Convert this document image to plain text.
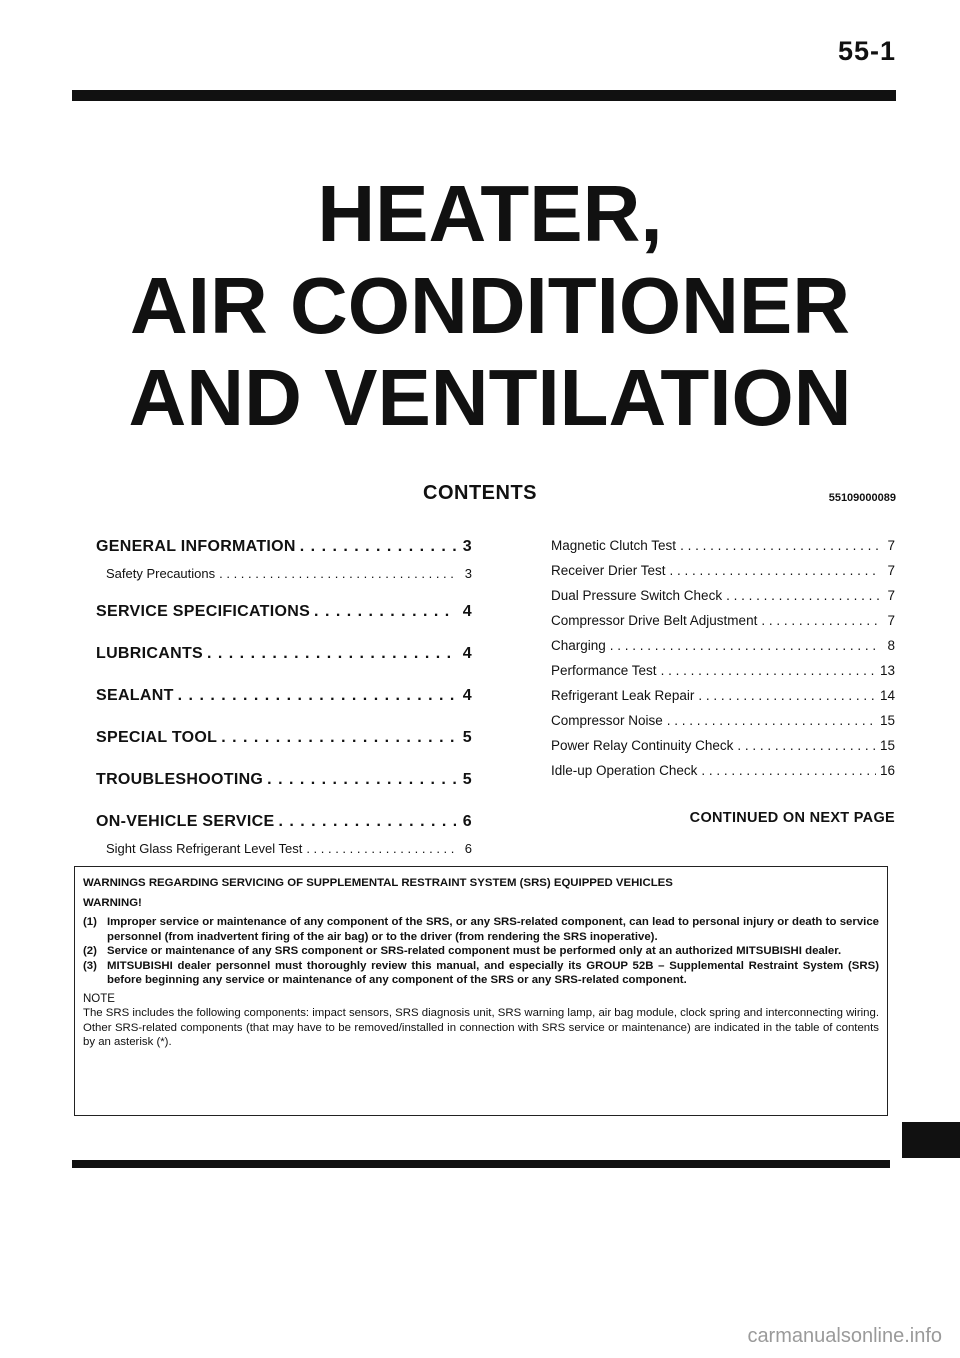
55-1
HEATER,
AIR CONDITIONER
AND VENTILATION
CONTENTS	55109000089
GENERAL INFORMATION . . .	3
Safety Precautions . . .	3
SERVICE SPECIFICATIONS . . .	4
LUBRICANTS . . .	4
SEALANT . . .	4
SPECIAL TOOL . . .	5
TROUBLESHOOTING . . .	5
ON-VEHICLE SERVICE . . .	6
Sight Glass Refrigerant Level Test . . .	6
Magnetic Clutch Test . . .	7
Receiver Drier Test . . .	7
Dual Pressure Switch Check . . .	7
Compressor Drive Belt Adjustment . . .	7
Charging . . .	8
Performance Test . . .	13
Refrigerant Leak Repair . . .	14
Compressor Noise . . .	15
Power Relay Continuity Check . . .	15
Idle-up Operation Check . . .	16
CONTINUED ON NEXT PAGE
WARNINGS REGARDING SERVICING OF SUPPLEMENTAL RESTRAINT SYSTEM (SRS) EQUIPPED VEHICLES
WARNING!
(1) Improper service or maintenance of any component of the SRS, or any SRS-related component, can lead to personal injury or death to service personnel (from inadvertent firing of the air bag) or to the driver (from rendering the SRS inoperative).
(2) Service or maintenance of any SRS component or SRS-related component must be performed only at an authorized MITSUBISHI dealer.
(3) MITSUBISHI dealer personnel must thoroughly review this manual, and especially its GROUP 52B – Supplemental Restraint System (SRS) before beginning any service or maintenance of any component of the SRS or any SRS-related component.
NOTE
The SRS includes the following components: impact sensors, SRS diagnosis unit, SRS warning lamp, air bag module, clock spring and interconnecting wiring. Other SRS-related components (that may have to be removed/installed in connection with SRS service or maintenance) are indicated in the table of contents by an asterisk (*).
carmanualsonline.info
